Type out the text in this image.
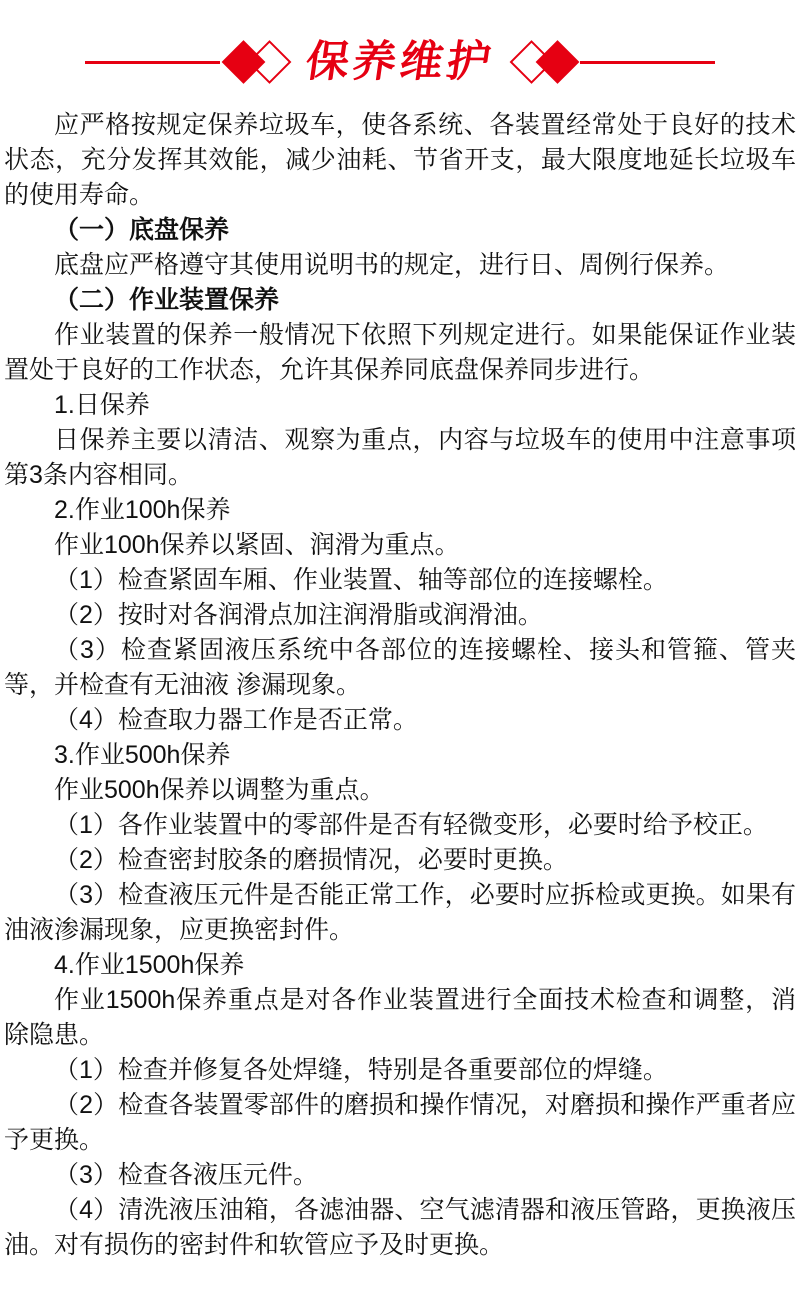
保养维护

应严格按规定保养垃圾车，使各系统、各装置经常处于良好的技术状态，充分发挥其效能，减少油耗、节省开支，最大限度地延长垃圾车的使用寿命。

（一）底盘保养

底盘应严格遵守其使用说明书的规定，进行日、周例行保养。

（二）作业装置保养

作业装置的保养一般情况下依照下列规定进行。如果能保证作业装置处于良好的工作状态，允许其保养同底盘保养同步进行。

1.日保养

日保养主要以清洁、观察为重点，内容与垃圾车的使用中注意事项第3条内容相同。

2.作业100h保养

作业100h保养以紧固、润滑为重点。

（1）检查紧固车厢、作业装置、轴等部位的连接螺栓。

（2）按时对各润滑点加注润滑脂或润滑油。

（3）检查紧固液压系统中各部位的连接螺栓、接头和管箍、管夹等，并检查有无油液 渗漏现象。

（4）检查取力器工作是否正常。

3.作业500h保养

作业500h保养以调整为重点。

（1）各作业装置中的零部件是否有轻微变形，必要时给予校正。

（2）检查密封胶条的磨损情况，必要时更换。

（3）检查液压元件是否能正常工作，必要时应拆检或更换。如果有油液渗漏现象，应更换密封件。

4.作业1500h保养

作业1500h保养重点是对各作业装置进行全面技术检查和调整，消除隐患。

（1）检查并修复各处焊缝，特别是各重要部位的焊缝。

（2）检查各装置零部件的磨损和操作情况，对磨损和操作严重者应予更换。

（3）检查各液压元件。

（4）清洗液压油箱，各滤油器、空气滤清器和液压管路，更换液压油。对有损伤的密封件和软管应予及时更换。
